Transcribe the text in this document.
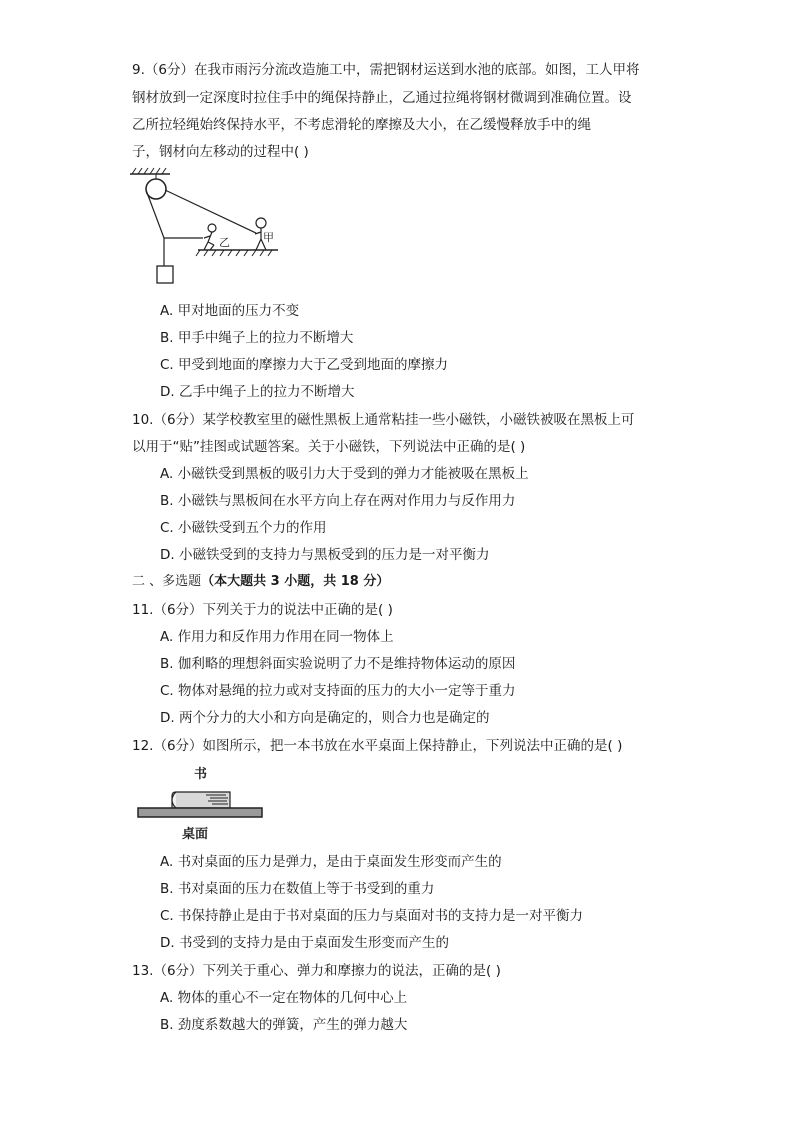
9.（6分）在我市雨污分流改造施工中，需把钢材运送到水池的底部。如图，工人甲将
钢材放到一定深度时拉住手中的绳保持静止，乙通过拉绳将钢材微调到准确位置。设
乙所拉轻绳始终保持水平，不考虑滑轮的摩擦及大小，在乙缓慢释放手中的绳
子，钢材向左移动的过程中( )
乙	甲
A. 甲对地面的压力不变
B. 甲手中绳子上的拉力不断增大
C. 甲受到地面的摩擦力大于乙受到地面的摩擦力
D. 乙手中绳子上的拉力不断增大
10.（6分）某学校教室里的磁性黑板上通常粘挂一些小磁铁，小磁铁被吸在黑板上可
以用于“贴”挂图或试题答案。关于小磁铁，下列说法中正确的是( )
A. 小磁铁受到黑板的吸引力大于受到的弹力才能被吸在黑板上
B. 小磁铁与黑板间在水平方向上存在两对作用力与反作用力
C. 小磁铁受到五个力的作用
D. 小磁铁受到的支持力与黑板受到的压力是一对平衡力
二 、多选题（本大题共 3 小题，共 18 分）
11.（6分）下列关于力的说法中正确的是( )
A. 作用力和反作用力作用在同一物体上
B. 伽利略的理想斜面实验说明了力不是维持物体运动的原因
C. 物体对悬绳的拉力或对支持面的压力的大小一定等于重力
D. 两个分力的大小和方向是确定的，则合力也是确定的
12.（6分）如图所示，把一本书放在水平桌面上保持静止，下列说法中正确的是( )
书
桌面
A. 书对桌面的压力是弹力，是由于桌面发生形变而产生的
B. 书对桌面的压力在数值上等于书受到的重力
C. 书保持静止是由于书对桌面的压力与桌面对书的支持力是一对平衡力
D. 书受到的支持力是由于桌面发生形变而产生的
13.（6分）下列关于重心、弹力和摩擦力的说法，正确的是( )
A. 物体的重心不一定在物体的几何中心上
B. 劲度系数越大的弹簧，产生的弹力越大
